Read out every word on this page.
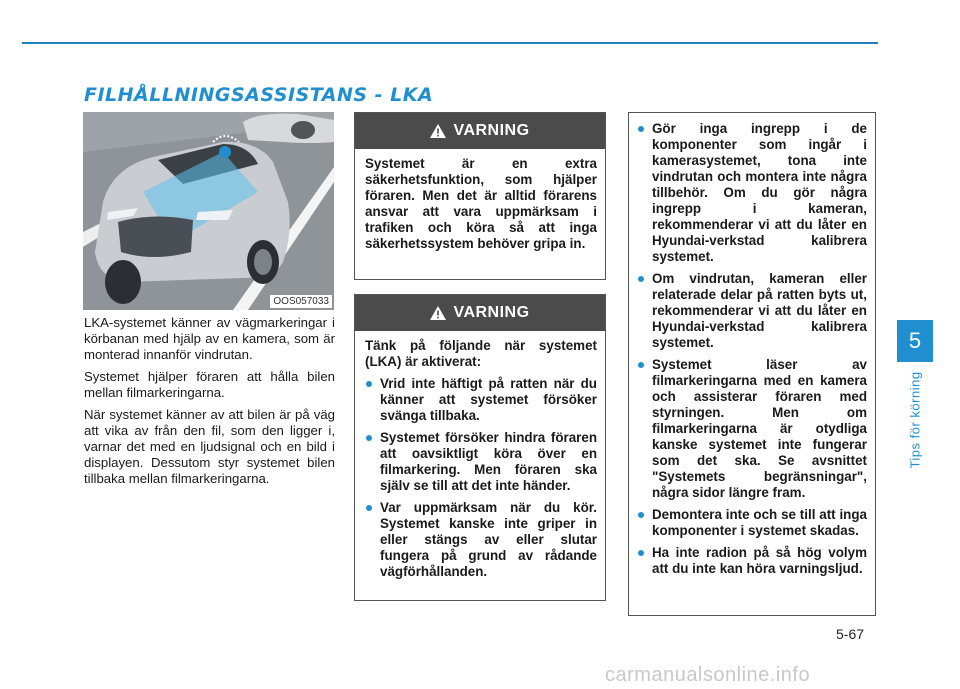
FILHÅLLNINGSASSISTANS - LKA
OOS057033

LKA-systemet känner av vägmarkeringar i körbanan med hjälp av en kamera, som är monterad innanför vindrutan.

Systemet hjälper föraren att hålla bilen mellan filmarkeringarna.

När systemet känner av att bilen är på väg att vika av från den fil, som den ligger i, varnar det med en ljudsignal och en bild i displayen. Dessutom styr systemet bilen tillbaka mellan filmarkeringarna.

VARNING

Systemet är en extra säkerhetsfunktion, som hjälper föraren. Men det är alltid förarens ansvar att vara uppmärksam i trafiken och köra så att inga säkerhetssystem behöver gripa in.

VARNING

Tänk på följande när systemet (LKA) är aktiverat:

Vrid inte häftigt på ratten när du känner att systemet försöker svänga tillbaka.
Systemet försöker hindra föraren att oavsiktligt köra över en filmarkering. Men föraren ska själv se till att det inte händer.
Var uppmärksam när du kör. Systemet kanske inte griper in eller stängs av eller slutar fungera på grund av rådande vägförhållanden.
Gör inga ingrepp i de komponenter som ingår i kamerasystemet, tona inte vindrutan och montera inte några tillbehör. Om du gör några ingrepp i kameran, rekommenderar vi att du låter en Hyundai-verkstad kalibrera systemet.
Om vindrutan, kameran eller relaterade delar på ratten byts ut, rekommenderar vi att du låter en Hyundai-verkstad kalibrera systemet.
Systemet läser av filmarkeringarna med en kamera och assisterar föraren med styrningen. Men om filmarkeringarna är otydliga kanske systemet inte fungerar som det ska. Se avsnittet "Systemets begränsningar", några sidor längre fram.
Demontera inte och se till att inga komponenter i systemet skadas.
Ha inte radion på så hög volym att du inte kan höra varningsljud.
5
Tips för körning
5-67
carmanualsonline.info
